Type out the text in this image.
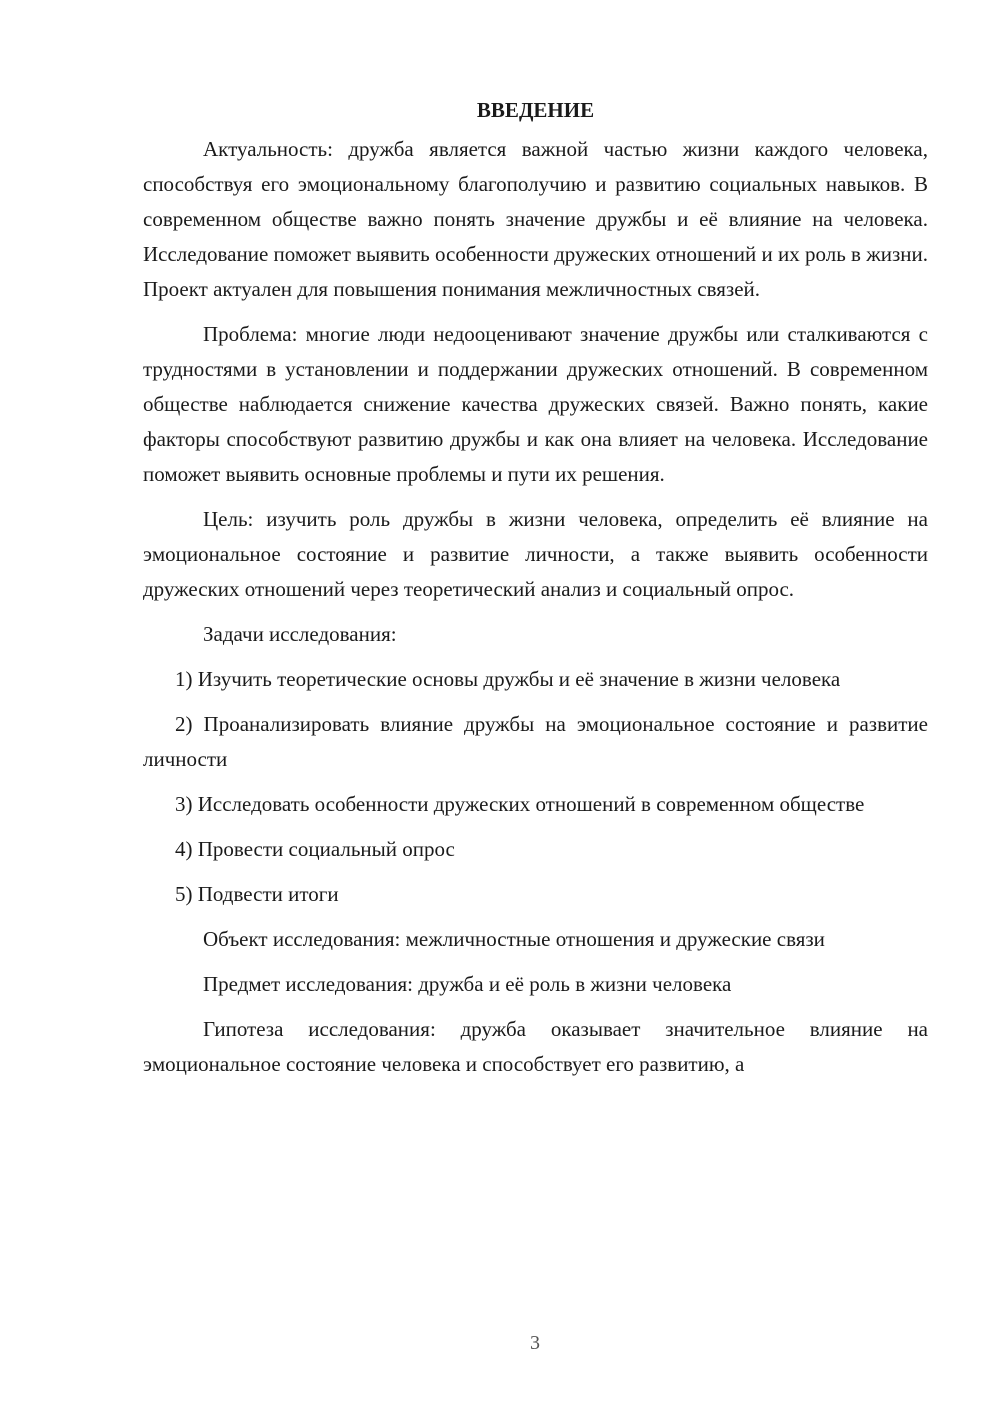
ВВЕДЕНИЕ

Актуальность: дружба является важной частью жизни каждого человека, способствуя его эмоциональному благополучию и развитию социальных навыков. В современном обществе важно понять значение дружбы и её влияние на человека. Исследование поможет выявить особенности дружеских отношений и их роль в жизни. Проект актуален для повышения понимания межличностных связей.

Проблема: многие люди недооценивают значение дружбы или сталкиваются с трудностями в установлении и поддержании дружеских отношений. В современном обществе наблюдается снижение качества дружеских связей. Важно понять, какие факторы способствуют развитию дружбы и как она влияет на человека. Исследование поможет выявить основные проблемы и пути их решения.

Цель: изучить роль дружбы в жизни человека, определить её влияние на эмоциональное состояние и развитие личности, а также выявить особенности дружеских отношений через теоретический анализ и социальный опрос.

Задачи исследования:

1) Изучить теоретические основы дружбы и её значение в жизни человека

2) Проанализировать влияние дружбы на эмоциональное состояние и развитие личности

3) Исследовать особенности дружеских отношений в современном обществе

4) Провести социальный опрос

5) Подвести итоги

Объект исследования: межличностные отношения и дружеские связи

Предмет исследования: дружба и её роль в жизни человека

Гипотеза исследования: дружба оказывает значительное влияние на эмоциональное состояние человека и способствует его развитию, а

3
